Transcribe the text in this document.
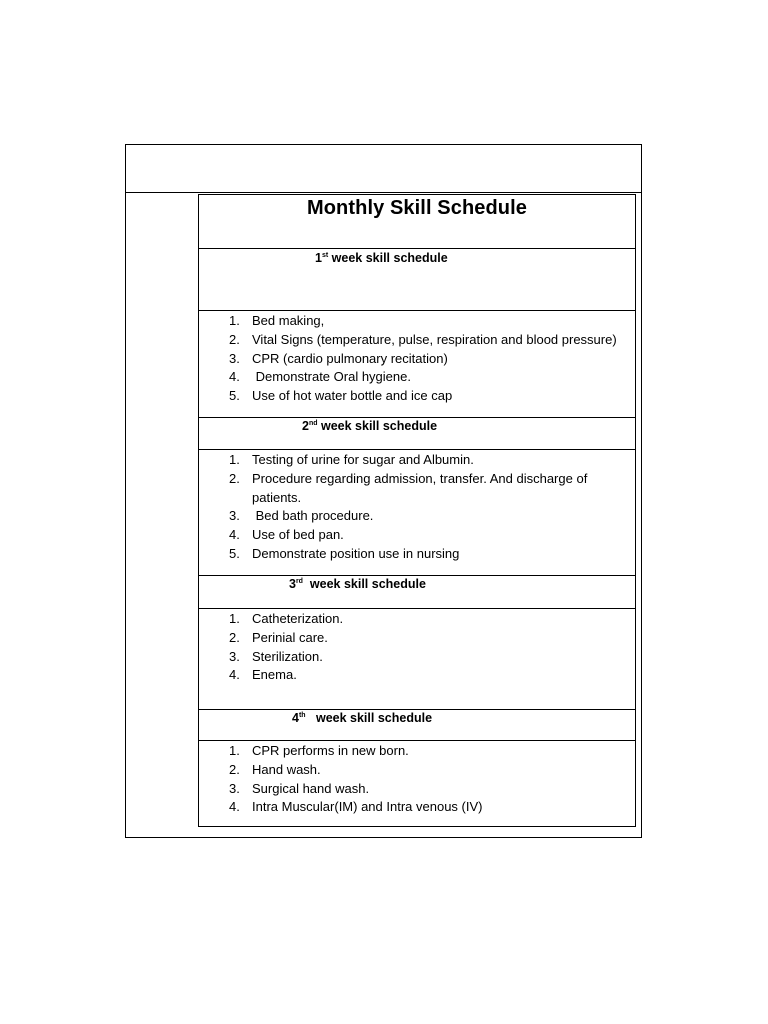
Monthly Skill Schedule
1st week skill schedule
1. Bed making,
2. Vital Signs (temperature, pulse, respiration and blood pressure)
3. CPR (cardio pulmonary recitation)
4. Demonstrate Oral hygiene.
5. Use of hot water bottle and ice cap
2nd week skill schedule
1. Testing of urine for sugar and Albumin.
2. Procedure regarding admission, transfer. And discharge of patients.
3. Bed bath procedure.
4. Use of bed pan.
5. Demonstrate position use in nursing
3rd  week skill schedule
1. Catheterization.
2. Perinial care.
3. Sterilization.
4. Enema.
4th   week skill schedule
1. CPR performs in new born.
2. Hand wash.
3. Surgical hand wash.
4. Intra Muscular(IM) and Intra venous (IV)
